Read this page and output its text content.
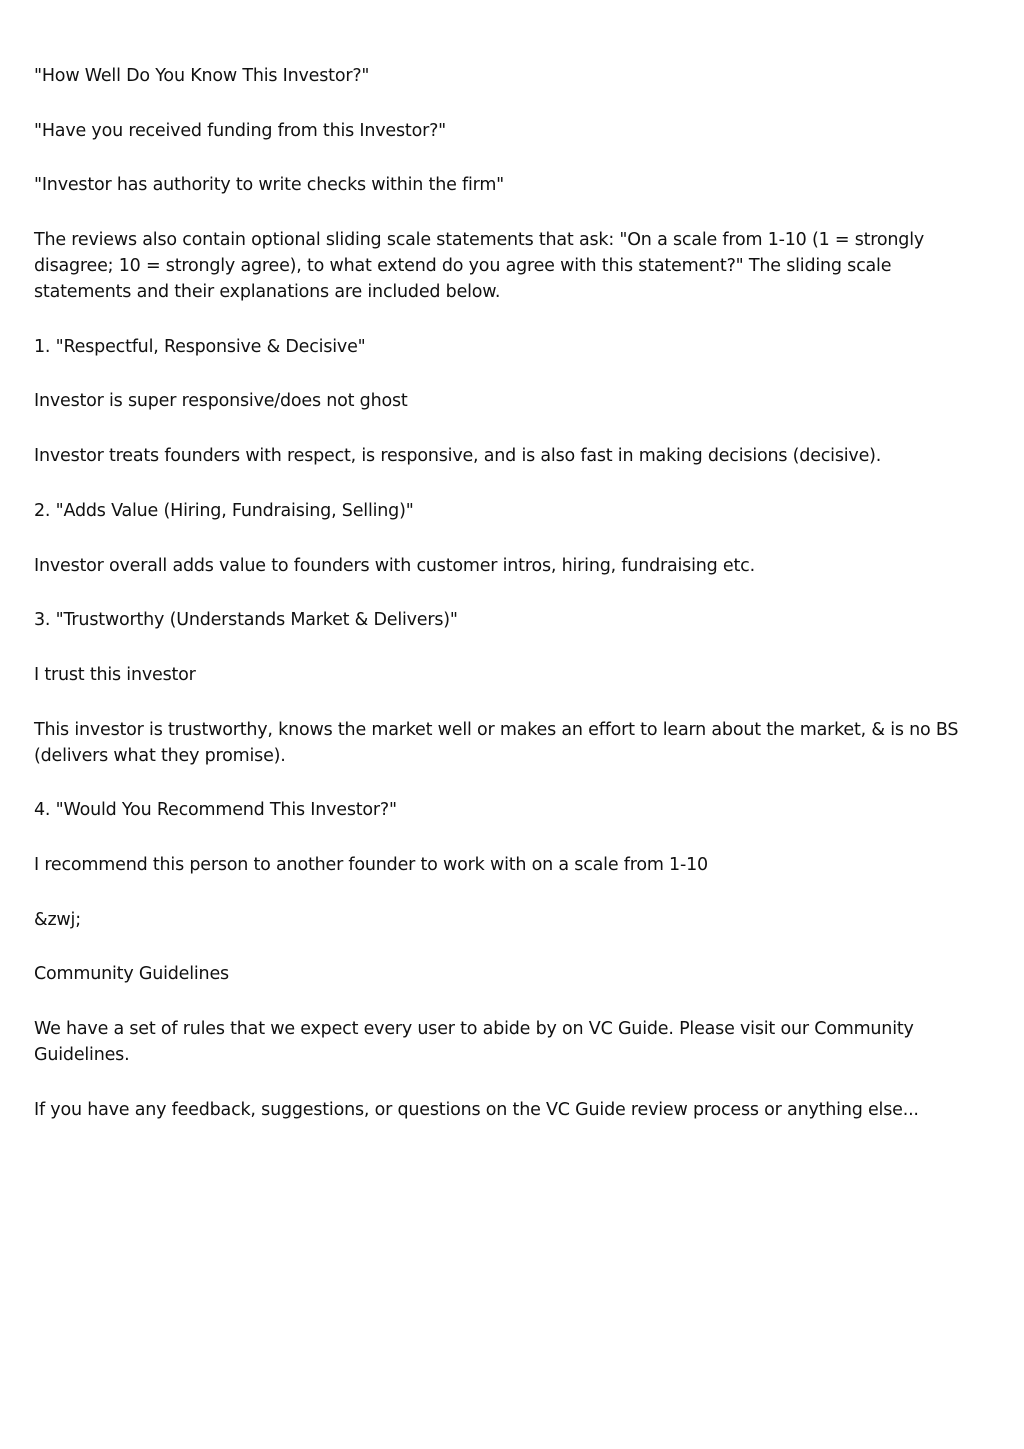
"How Well Do You Know This Investor?"

"Have you received funding from this Investor?"

"Investor has authority to write checks within the firm"

The reviews also contain optional sliding scale statements that ask: "On a scale from 1-10 (1 = strongly disagree; 10 = strongly agree), to what extend do you agree with this statement?" The sliding scale statements and their explanations are included below.

1. "Respectful, Responsive & Decisive"

Investor is super responsive/does not ghost

Investor treats founders with respect, is responsive, and is also fast in making decisions (decisive).

2. "Adds Value (Hiring, Fundraising, Selling)"

Investor overall adds value to founders with customer intros, hiring, fundraising etc.

3. "Trustworthy (Understands Market & Delivers)"

I trust this investor

This investor is trustworthy, knows the market well or makes an effort to learn about the market, & is no BS (delivers what they promise).

4. "Would You Recommend This Investor?"

I recommend this person to another founder to work with on a scale from 1-10

&zwj;

Community Guidelines

We have a set of rules that we expect every user to abide by on VC Guide. Please visit our Community Guidelines.

If you have any feedback, suggestions, or questions on the VC Guide review process or anything else...
